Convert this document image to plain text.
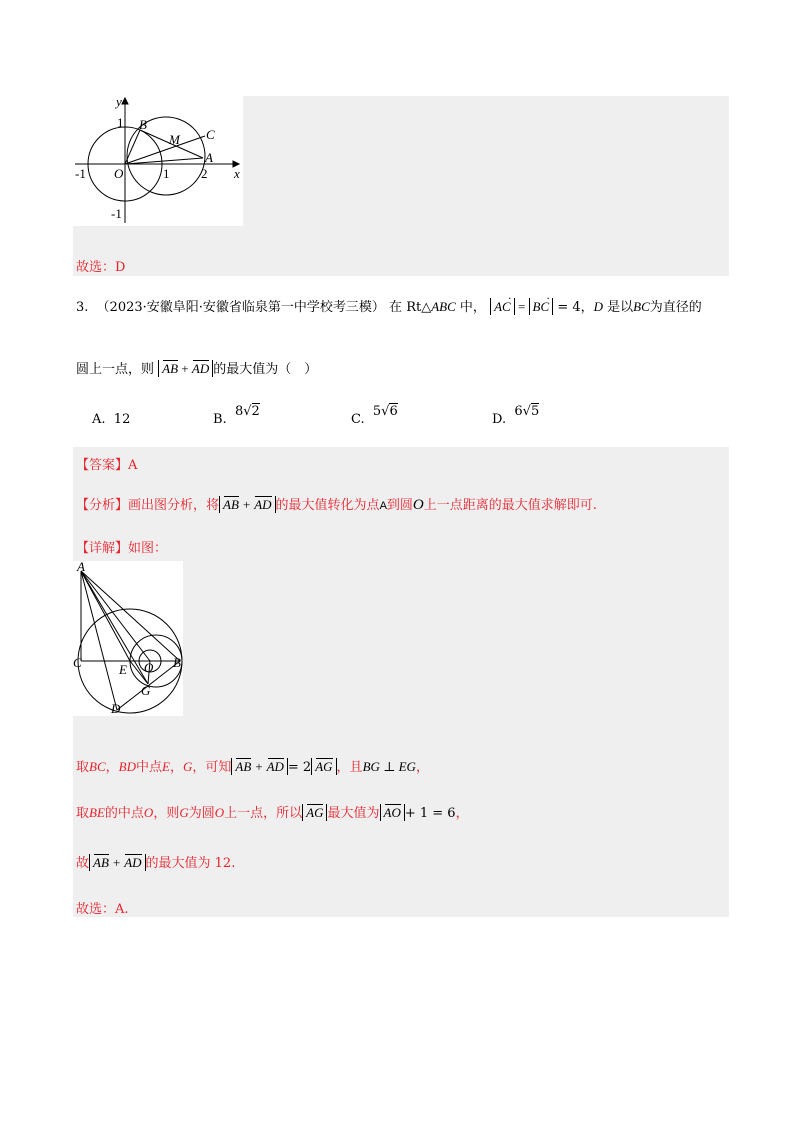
y
1 B
M C
A
-1 O	1 2 x
-1
故选：D
3. （2023·安徽阜阳·安徽省临泉第一中学校考三模） 在 Rt△ABC 中， AC · = BC · = 4，D 是以BC为直径的
圆上一点，则 AB + AD 的最大值为（　）
A. 12	B.  8√2
C.  5√6
D.  6√5
【答案】A
【分析】画出图分析，将 AB + AD 的最大值转化为点A到圆O上一点距离的最大值求解即可.
【详解】如图：
A
C	E O B
G
D
取BC，BD中点E，G，可知 AB + AD = 2 AG ，且BG ⊥ EG，
取BE的中点O，则G为圆O上一点，所以 AG 最大值为 AO + 1 = 6，
故 AB + AD 的最大值为 12.
故选：A.
